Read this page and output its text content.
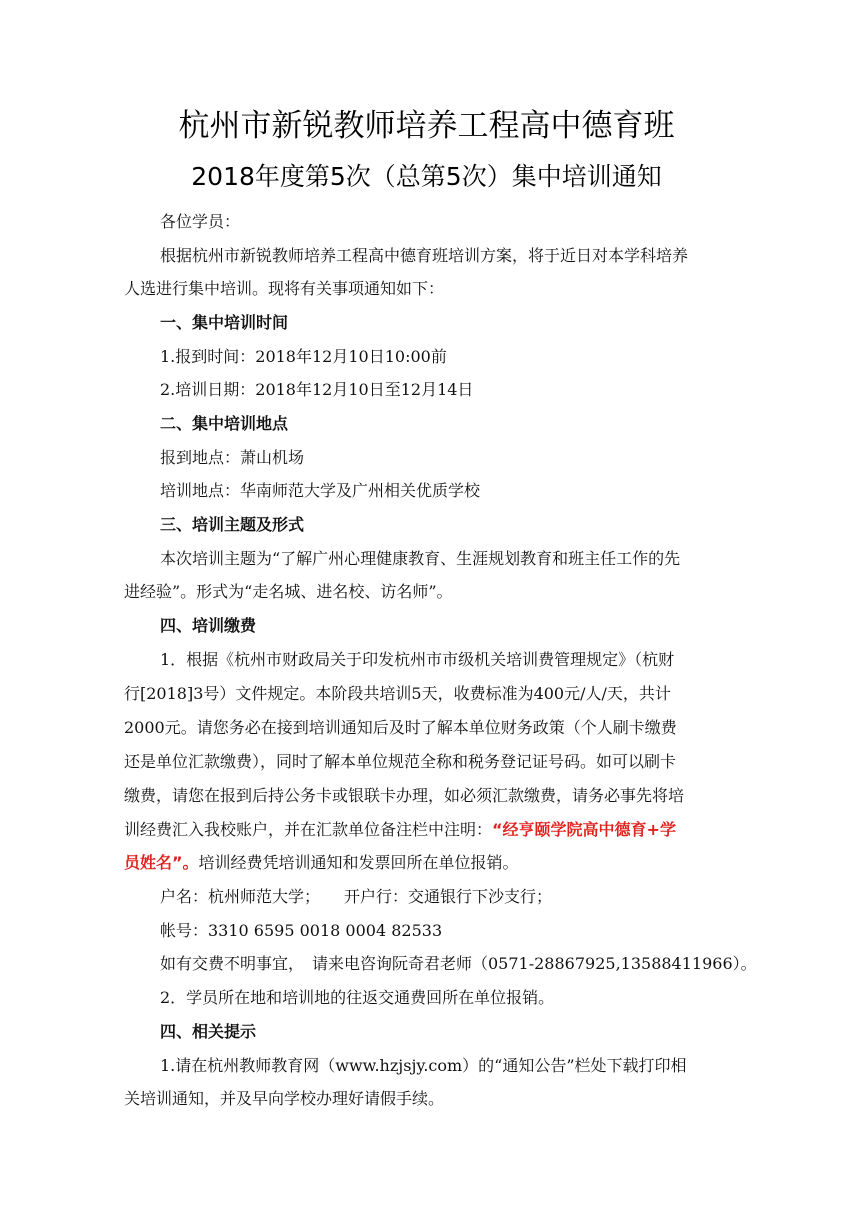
杭州市新锐教师培养工程高中德育班
2018年度第5次（总第5次）集中培训通知
各位学员：
根据杭州市新锐教师培养工程高中德育班培训方案，将于近日对本学科培养
人选进行集中培训。现将有关事项通知如下：
一、集中培训时间
1.报到时间：2018年12月10日10:00前
2.培训日期：2018年12月10日至12月14日
二、集中培训地点
报到地点：萧山机场
培训地点：华南师范大学及广州相关优质学校
三、培训主题及形式
本次培训主题为“了解广州心理健康教育、生涯规划教育和班主任工作的先
进经验”。形式为“走名城、进名校、访名师”。
四、培训缴费
1．根据《杭州市财政局关于印发杭州市市级机关培训费管理规定》（杭财
行[2018]3号）文件规定。本阶段共培训5天，收费标准为400元/人/天，共计
2000元。请您务必在接到培训通知后及时了解本单位财务政策（个人刷卡缴费
还是单位汇款缴费），同时了解本单位规范全称和税务登记证号码。如可以刷卡
缴费，请您在报到后持公务卡或银联卡办理，如必须汇款缴费，请务必事先将培
训经费汇入我校账户，并在汇款单位备注栏中注明：“经亨颐学院高中德育+学
员姓名”。培训经费凭培训通知和发票回所在单位报销。
户名：杭州师范大学；　　开户行：交通银行下沙支行；
帐号：3310 6595 0018 0004 82533
如有交费不明事宜，　请来电咨询阮奇君老师（0571-28867925,13588411966）。
2．学员所在地和培训地的往返交通费回所在单位报销。
四、相关提示
1.请在杭州教师教育网（www.hzjsjy.com）的“通知公告”栏处下载打印相
关培训通知，并及早向学校办理好请假手续。
